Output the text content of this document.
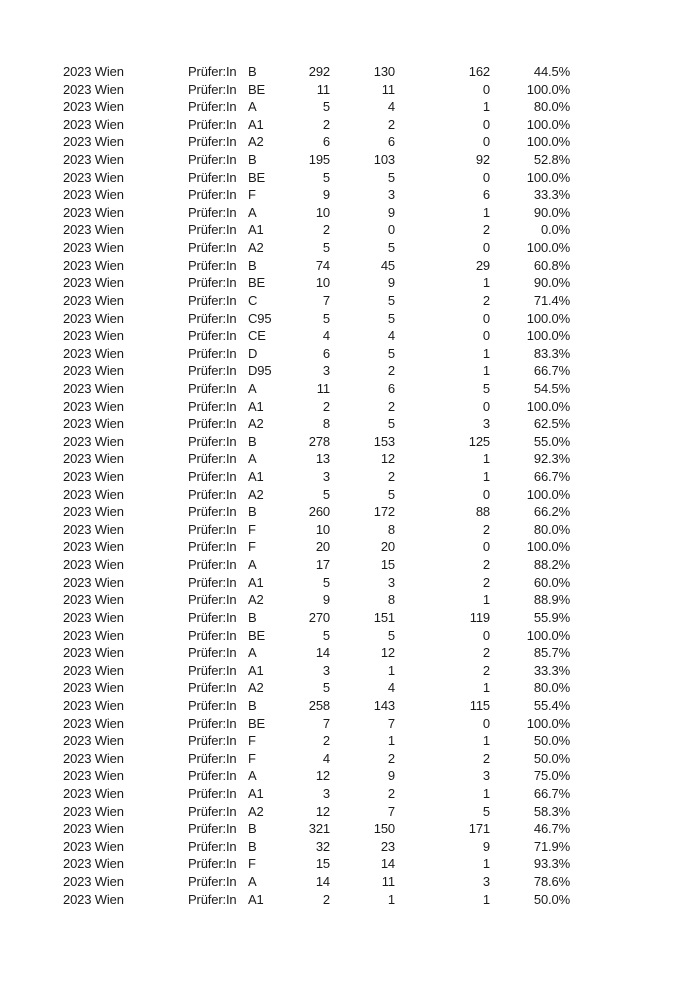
2023 Wien	Prüfer:In B	292	130	162	44.5%
2023 Wien	Prüfer:In BE	11	11	0	100.0%
2023 Wien	Prüfer:In A	5	4	1	80.0%
2023 Wien	Prüfer:In A1	2	2	0	100.0%
2023 Wien	Prüfer:In A2	6	6	0	100.0%
2023 Wien	Prüfer:In B	195	103	92	52.8%
2023 Wien	Prüfer:In BE	5	5	0	100.0%
2023 Wien	Prüfer:In F	9	3	6	33.3%
2023 Wien	Prüfer:In A	10	9	1	90.0%
2023 Wien	Prüfer:In A1	2	0	2	0.0%
2023 Wien	Prüfer:In A2	5	5	0	100.0%
2023 Wien	Prüfer:In B	74	45	29	60.8%
2023 Wien	Prüfer:In BE	10	9	1	90.0%
2023 Wien	Prüfer:In C	7	5	2	71.4%
2023 Wien	Prüfer:In C95	5	5	0	100.0%
2023 Wien	Prüfer:In CE	4	4	0	100.0%
2023 Wien	Prüfer:In D	6	5	1	83.3%
2023 Wien	Prüfer:In D95	3	2	1	66.7%
2023 Wien	Prüfer:In A	11	6	5	54.5%
2023 Wien	Prüfer:In A1	2	2	0	100.0%
2023 Wien	Prüfer:In A2	8	5	3	62.5%
2023 Wien	Prüfer:In B	278	153	125	55.0%
2023 Wien	Prüfer:In A	13	12	1	92.3%
2023 Wien	Prüfer:In A1	3	2	1	66.7%
2023 Wien	Prüfer:In A2	5	5	0	100.0%
2023 Wien	Prüfer:In B	260	172	88	66.2%
2023 Wien	Prüfer:In F	10	8	2	80.0%
2023 Wien	Prüfer:In F	20	20	0	100.0%
2023 Wien	Prüfer:In A	17	15	2	88.2%
2023 Wien	Prüfer:In A1	5	3	2	60.0%
2023 Wien	Prüfer:In A2	9	8	1	88.9%
2023 Wien	Prüfer:In B	270	151	119	55.9%
2023 Wien	Prüfer:In BE	5	5	0	100.0%
2023 Wien	Prüfer:In A	14	12	2	85.7%
2023 Wien	Prüfer:In A1	3	1	2	33.3%
2023 Wien	Prüfer:In A2	5	4	1	80.0%
2023 Wien	Prüfer:In B	258	143	115	55.4%
2023 Wien	Prüfer:In BE	7	7	0	100.0%
2023 Wien	Prüfer:In F	2	1	1	50.0%
2023 Wien	Prüfer:In F	4	2	2	50.0%
2023 Wien	Prüfer:In A	12	9	3	75.0%
2023 Wien	Prüfer:In A1	3	2	1	66.7%
2023 Wien	Prüfer:In A2	12	7	5	58.3%
2023 Wien	Prüfer:In B	321	150	171	46.7%
2023 Wien	Prüfer:In B	32	23	9	71.9%
2023 Wien	Prüfer:In F	15	14	1	93.3%
2023 Wien	Prüfer:In A	14	11	3	78.6%
2023 Wien	Prüfer:In A1	2	1	1	50.0%
